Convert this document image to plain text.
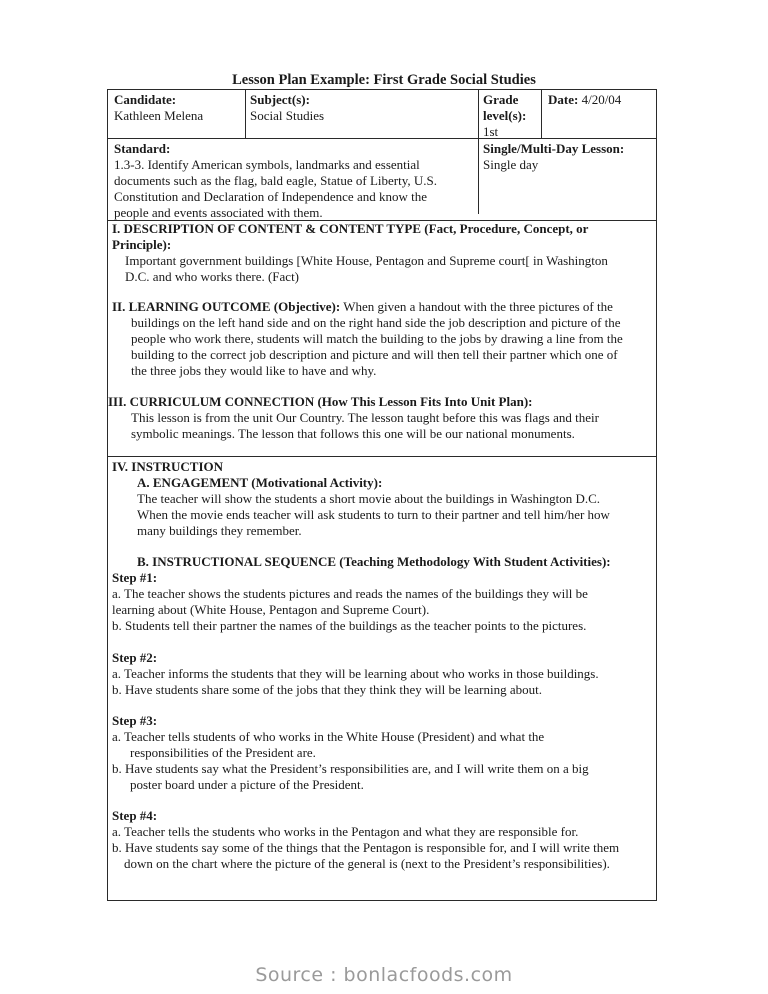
Lesson Plan Example: First Grade Social Studies
Candidate:
Kathleen Melena
Subject(s):
Social Studies
Grade
level(s):
1st
Date: 4/20/04
Standard:
1.3-3. Identify American symbols, landmarks and essential
documents such as the flag, bald eagle, Statue of Liberty, U.S.
Constitution and Declaration of Independence and know the
people and events associated with them.
Single/Multi-Day Lesson:
Single day
I. DESCRIPTION OF CONTENT & CONTENT TYPE (Fact, Procedure, Concept, or
Principle):
Important government buildings [White House, Pentagon and Supreme court[ in Washington
D.C. and who works there. (Fact)
II. LEARNING OUTCOME (Objective): When given a handout with the three pictures of the
buildings on the left hand side and on the right hand side the job description and picture of the
people who work there, students will match the building to the jobs by drawing a line from the
building to the correct job description and picture and will then tell their partner which one of
the three jobs they would like to have and why.
III. CURRICULUM CONNECTION (How This Lesson Fits Into Unit Plan):
This lesson is from the unit Our Country. The lesson taught before this was flags and their
symbolic meanings. The lesson that follows this one will be our national monuments.
IV. INSTRUCTION
A. ENGAGEMENT (Motivational Activity):
The teacher will show the students a short movie about the buildings in Washington D.C.
When the movie ends teacher will ask students to turn to their partner and tell him/her how
many buildings they remember.
B. INSTRUCTIONAL SEQUENCE (Teaching Methodology With Student Activities):
Step #1:
a. The teacher shows the students pictures and reads the names of the buildings they will be
learning about (White House, Pentagon and Supreme Court).
b. Students tell their partner the names of the buildings as the teacher points to the pictures.
Step #2:
a. Teacher informs the students that they will be learning about who works in those buildings.
b. Have students share some of the jobs that they think they will be learning about.
Step #3:
a. Teacher tells students of who works in the White House (President) and what the
responsibilities of the President are.
b. Have students say what the President’s responsibilities are, and I will write them on a big
poster board under a picture of the President.
Step #4:
a. Teacher tells the students who works in the Pentagon and what they are responsible for.
b. Have students say some of the things that the Pentagon is responsible for, and I will write them
down on the chart where the picture of the general is (next to the President’s responsibilities).
Source : bonlacfoods.com
